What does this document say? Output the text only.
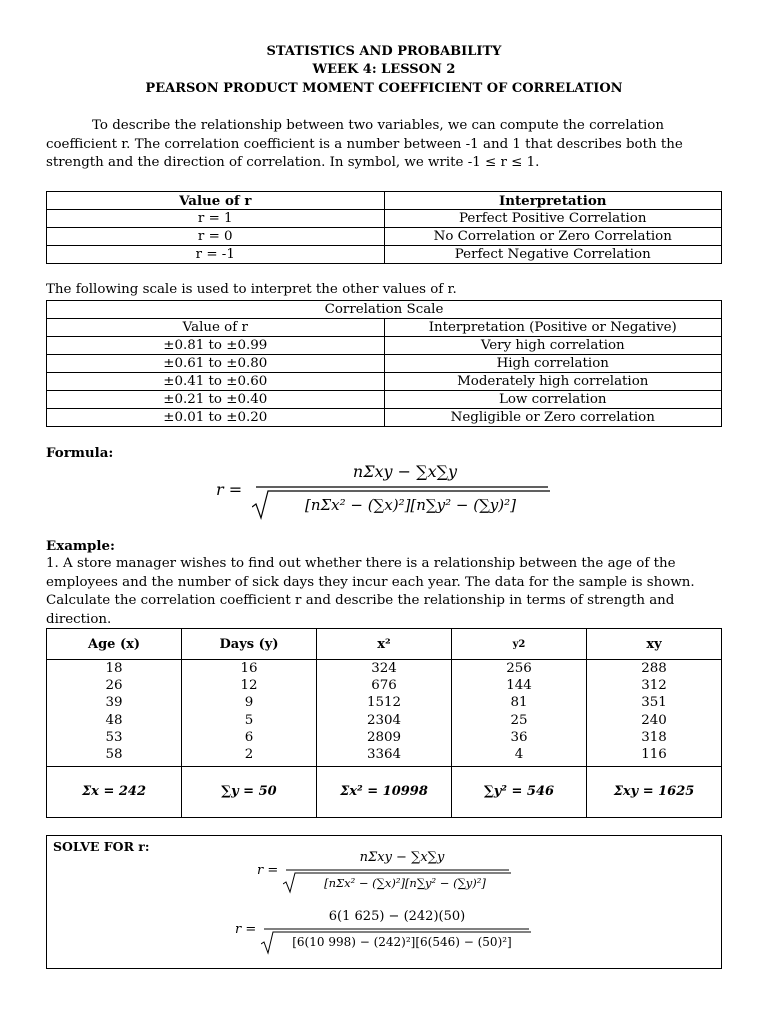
STATISTICS AND PROBABILITY
WEEK 4: LESSON 2
PEARSON PRODUCT MOMENT COEFFICIENT OF CORRELATION

To describe the relationship between two variables, we can compute the correlation coefficient r. The correlation coefficient is a number between -1 and 1 that describes both the strength and the direction of correlation. In symbol, we write -1 ≤ r ≤ 1.

Value of r	Interpretation
r = 1	Perfect Positive Correlation
r = 0	No Correlation or Zero Correlation
r = -1	Perfect Negative Correlation
The following scale is used to interpret the other values of r.
Correlation Scale	
Value of r	Interpretation (Positive or Negative)
±0.81 to ±0.99	Very high correlation
±0.61 to ±0.80	High correlation
±0.41 to ±0.60	Moderately high correlation
±0.21 to ±0.40	Low correlation
±0.01 to ±0.20	Negligible or Zero correlation
Formula:
r =
nΣxy − ∑x∑y
[nΣx² − (∑x)²][n∑y² − (∑y)²]
Example:

1. A store manager wishes to find out whether there is a relationship between the age of the employees and the number of sick days they incur each year. The data for the sample is shown. Calculate the correlation coefficient r and describe the relationship in terms of strength and direction.

Age (x)	Days (y)	x²	y2	xy
18	16	324	256	288
26	12	676	144	312
39	9	1512	81	351
48	5	2304	25	240
53	6	2809	36	318
58	2	3364	4	116
Σx = 242	∑y = 50	Σx² = 10998	∑y² = 546	Σxy = 1625
SOLVE FOR r:
r =
nΣxy − ∑x∑y
[nΣx² − (∑x)²][n∑y² − (∑y)²]
r =
6(1 625) − (242)(50)
[6(10 998) − (242)²][6(546) − (50)²]
